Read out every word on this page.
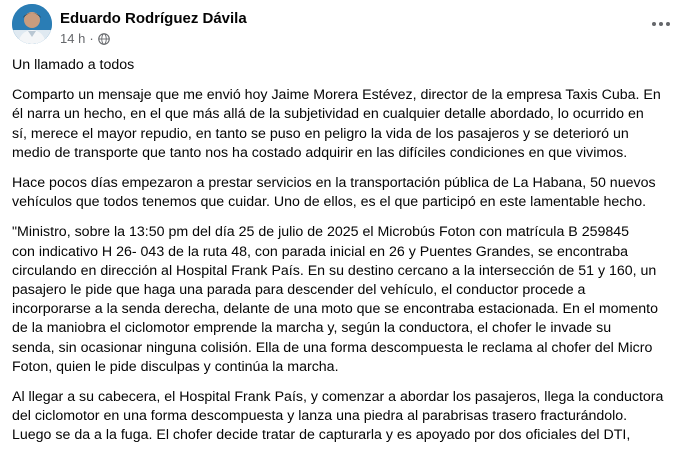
Eduardo Rodríguez Dávila
14 h ·

Un llamado a todos

Comparto un mensaje que me envió hoy Jaime Morera Estévez, director de la empresa Taxis Cuba. En
él narra un hecho, en el que más allá de la subjetividad en cualquier detalle abordado, lo ocurrido en
sí, merece el mayor repudio, en tanto se puso en peligro la vida de los pasajeros y se deterioró un
medio de transporte que tanto nos ha costado adquirir en las difíciles condiciones en que vivimos.

Hace pocos días empezaron a prestar servicios en la transportación pública de La Habana, 50 nuevos
vehículos que todos tenemos que cuidar. Uno de ellos, es el que participó en este lamentable hecho.

"Ministro, sobre la 13:50 pm del día 25 de julio de 2025 el Microbús Foton con matrícula B 259845
con indicativo H 26- 043 de la ruta 48, con parada inicial en 26 y Puentes Grandes, se encontraba
circulando en dirección al Hospital Frank País. En su destino cercano a la intersección de 51 y 160, un
pasajero le pide que haga una parada para descender del vehículo, el conductor procede a
incorporarse a la senda derecha, delante de una moto que se encontraba estacionada. En el momento
de la maniobra el ciclomotor emprende la marcha y, según la conductora, el chofer le invade su
senda, sin ocasionar ninguna colisión. Ella de una forma descompuesta le reclama al chofer del Micro
Foton, quien le pide disculpas y continúa la marcha.

Al llegar a su cabecera, el Hospital Frank País, y comenzar a abordar los pasajeros, llega la conductora
del ciclomotor en una forma descompuesta y lanza una piedra al parabrisas trasero fracturándolo.
Luego se da a la fuga. El chofer decide tratar de capturarla y es apoyado por dos oficiales del DTI,
